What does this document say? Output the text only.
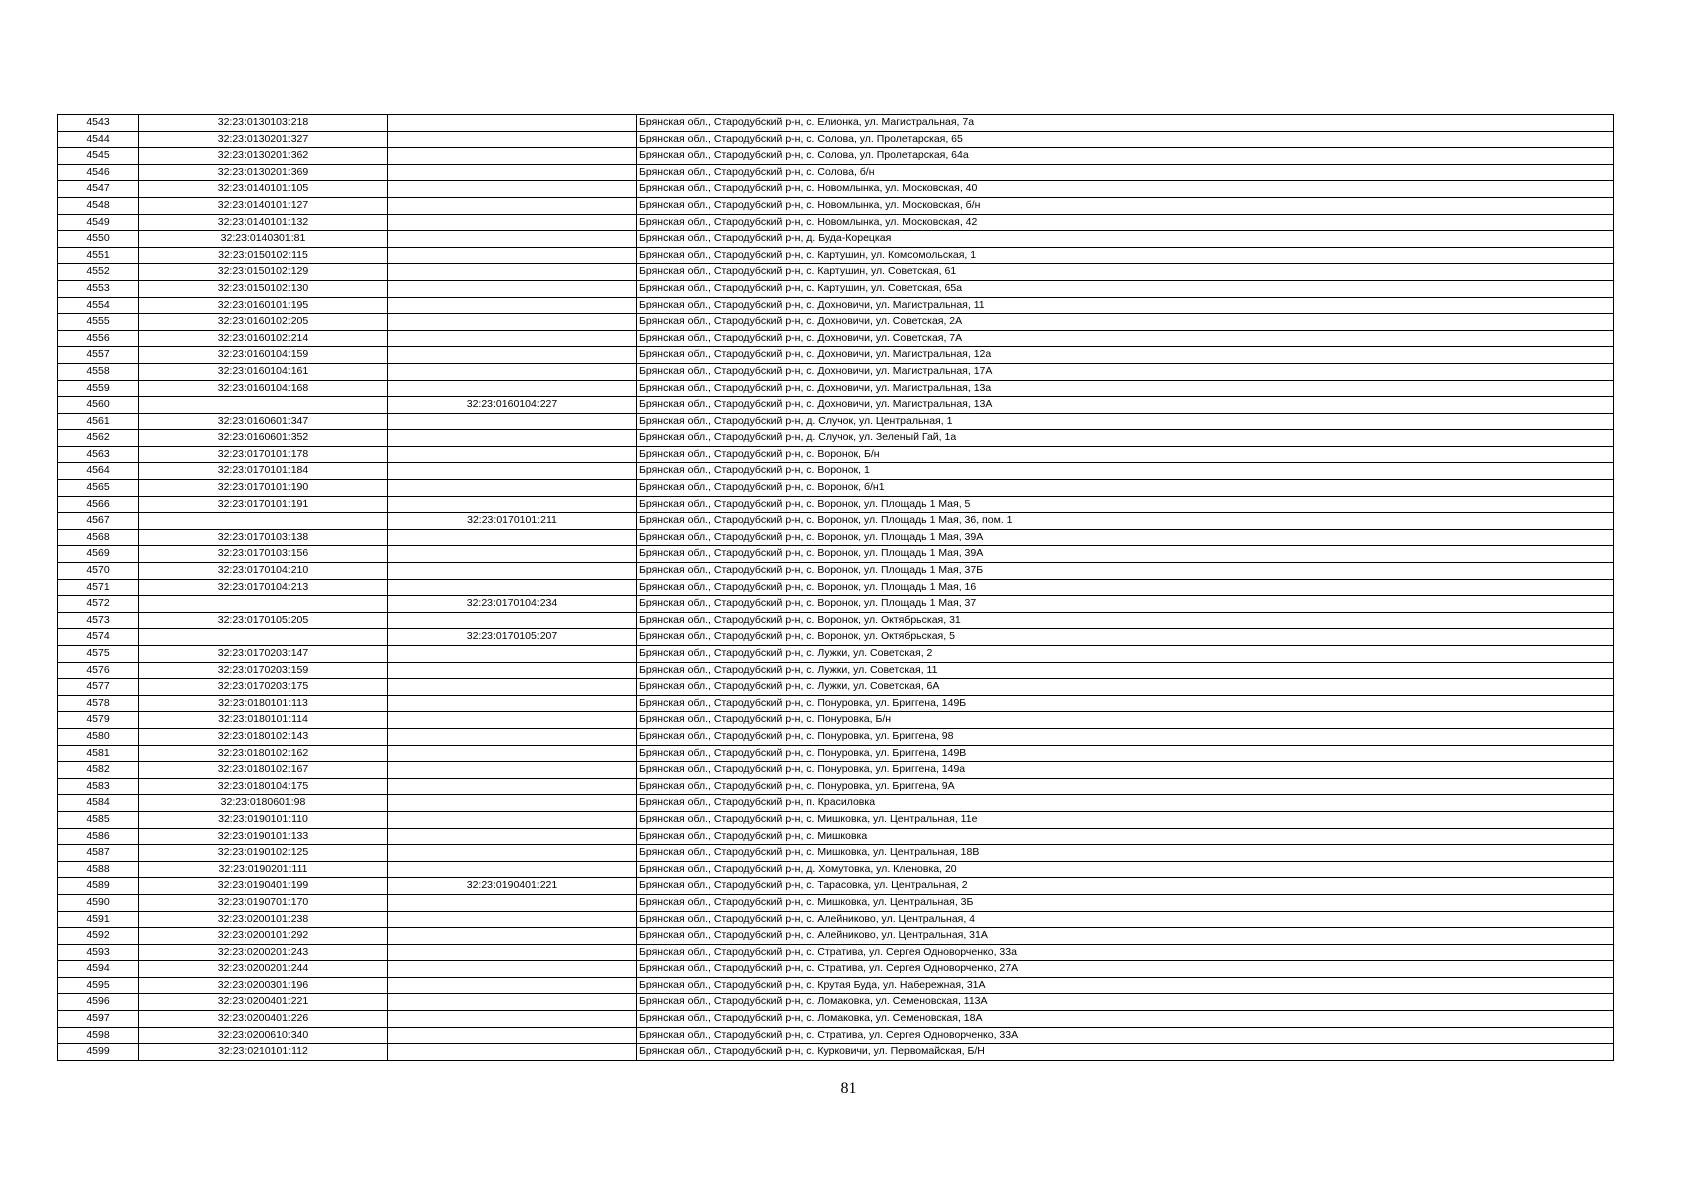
4543	32:23:0130103:218		Брянская обл., Стародубский р-н, с. Елионка, ул. Магистральная, 7а
4544	32:23:0130201:327		Брянская обл., Стародубский р-н, с. Солова, ул. Пролетарская, 65
4545	32:23:0130201:362		Брянская обл., Стародубский р-н, с. Солова, ул. Пролетарская, 64а
4546	32:23:0130201:369		Брянская обл., Стародубский р-н, с. Солова, б/н
4547	32:23:0140101:105		Брянская обл., Стародубский р-н, с. Новомлынка, ул. Московская, 40
4548	32:23:0140101:127		Брянская обл., Стародубский р-н, с. Новомлынка, ул. Московская, б/н
4549	32:23:0140101:132		Брянская обл., Стародубский р-н, с. Новомлынка, ул. Московская, 42
4550	32:23:0140301:81		Брянская обл., Стародубский р-н, д. Буда-Корецкая
4551	32:23:0150102:115		Брянская обл., Стародубский р-н, с. Картушин, ул. Комсомольская, 1
4552	32:23:0150102:129		Брянская обл., Стародубский р-н, с. Картушин, ул. Советская, 61
4553	32:23:0150102:130		Брянская обл., Стародубский р-н, с. Картушин, ул. Советская, 65а
4554	32:23:0160101:195		Брянская обл., Стародубский р-н, с. Дохновичи, ул. Магистральная, 11
4555	32:23:0160102:205		Брянская обл., Стародубский р-н, с. Дохновичи, ул. Советская, 2А
4556	32:23:0160102:214		Брянская обл., Стародубский р-н, с. Дохновичи, ул. Советская, 7А
4557	32:23:0160104:159		Брянская обл., Стародубский р-н, с. Дохновичи, ул. Магистральная, 12а
4558	32:23:0160104:161		Брянская обл., Стародубский р-н, с. Дохновичи, ул. Магистральная, 17А
4559	32:23:0160104:168		Брянская обл., Стародубский р-н, с. Дохновичи, ул. Магистральная, 13а
4560		32:23:0160104:227	Брянская обл., Стародубский р-н, с. Дохновичи, ул. Магистральная, 13А
4561	32:23:0160601:347		Брянская обл., Стародубский р-н, д. Случок, ул. Центральная, 1
4562	32:23:0160601:352		Брянская обл., Стародубский р-н, д. Случок, ул. Зеленый Гай, 1а
4563	32:23:0170101:178		Брянская обл., Стародубский р-н, с. Воронок, Б/н
4564	32:23:0170101:184		Брянская обл., Стародубский р-н, с. Воронок, 1
4565	32:23:0170101:190		Брянская обл., Стародубский р-н, с. Воронок, б/н1
4566	32:23:0170101:191		Брянская обл., Стародубский р-н, с. Воронок, ул. Площадь 1 Мая, 5
4567		32:23:0170101:211	Брянская обл., Стародубский р-н, с. Воронок, ул. Площадь 1 Мая, 36, пом. 1
4568	32:23:0170103:138		Брянская обл., Стародубский р-н, с. Воронок, ул. Площадь 1 Мая, 39А
4569	32:23:0170103:156		Брянская обл., Стародубский р-н, с. Воронок, ул. Площадь 1 Мая, 39А
4570	32:23:0170104:210		Брянская обл., Стародубский р-н, с. Воронок, ул. Площадь 1 Мая, 37Б
4571	32:23:0170104:213		Брянская обл., Стародубский р-н, с. Воронок, ул. Площадь 1 Мая, 16
4572		32:23:0170104:234	Брянская обл., Стародубский р-н, с. Воронок, ул. Площадь 1 Мая, 37
4573	32:23:0170105:205		Брянская обл., Стародубский р-н, с. Воронок, ул. Октябрьская, 31
4574		32:23:0170105:207	Брянская обл., Стародубский р-н, с. Воронок, ул. Октябрьская, 5
4575	32:23:0170203:147		Брянская обл., Стародубский р-н, с. Лужки, ул. Советская, 2
4576	32:23:0170203:159		Брянская обл., Стародубский р-н, с. Лужки, ул. Советская, 11
4577	32:23:0170203:175		Брянская обл., Стародубский р-н, с. Лужки, ул. Советская, 6А
4578	32:23:0180101:113		Брянская обл., Стародубский р-н, с. Понуровка, ул. Бриггена, 149Б
4579	32:23:0180101:114		Брянская обл., Стародубский р-н, с. Понуровка, Б/н
4580	32:23:0180102:143		Брянская обл., Стародубский р-н, с. Понуровка, ул. Бриггена, 98
4581	32:23:0180102:162		Брянская обл., Стародубский р-н, с. Понуровка, ул. Бриггена, 149В
4582	32:23:0180102:167		Брянская обл., Стародубский р-н, с. Понуровка, ул. Бриггена, 149а
4583	32:23:0180104:175		Брянская обл., Стародубский р-н, с. Понуровка, ул. Бриггена, 9А
4584	32:23:0180601:98		Брянская обл., Стародубский р-н, п. Красиловка
4585	32:23:0190101:110		Брянская обл., Стародубский р-н, с. Мишковка, ул. Центральная, 11е
4586	32:23:0190101:133		Брянская обл., Стародубский р-н, с. Мишковка
4587	32:23:0190102:125		Брянская обл., Стародубский р-н, с. Мишковка, ул. Центральная, 18В
4588	32:23:0190201:111		Брянская обл., Стародубский р-н, д. Хомутовка, ул. Кленовка, 20
4589	32:23:0190401:199	32:23:0190401:221	Брянская обл., Стародубский р-н, с. Тарасовка, ул. Центральная, 2
4590	32:23:0190701:170		Брянская обл., Стародубский р-н, с. Мишковка, ул. Центральная, 3Б
4591	32:23:0200101:238		Брянская обл., Стародубский р-н, с. Алейниково, ул. Центральная, 4
4592	32:23:0200101:292		Брянская обл., Стародубский р-н, с. Алейниково, ул. Центральная, 31А
4593	32:23:0200201:243		Брянская обл., Стародубский р-н, с. Стратива, ул. Сергея Одноворченко, 33а
4594	32:23:0200201:244		Брянская обл., Стародубский р-н, с. Стратива, ул. Сергея Одноворченко, 27А
4595	32:23:0200301:196		Брянская обл., Стародубский р-н, с. Крутая Буда, ул. Набережная, 31А
4596	32:23:0200401:221		Брянская обл., Стародубский р-н, с. Ломаковка, ул. Семеновская, 113А
4597	32:23:0200401:226		Брянская обл., Стародубский р-н, с. Ломаковка, ул. Семеновская, 18А
4598	32:23:0200610:340		Брянская обл., Стародубский р-н, с. Стратива, ул. Сергея Одноворченко, 33А
4599	32:23:0210101:112		Брянская обл., Стародубский р-н, с. Курковичи, ул. Первомайская, Б/Н
81
